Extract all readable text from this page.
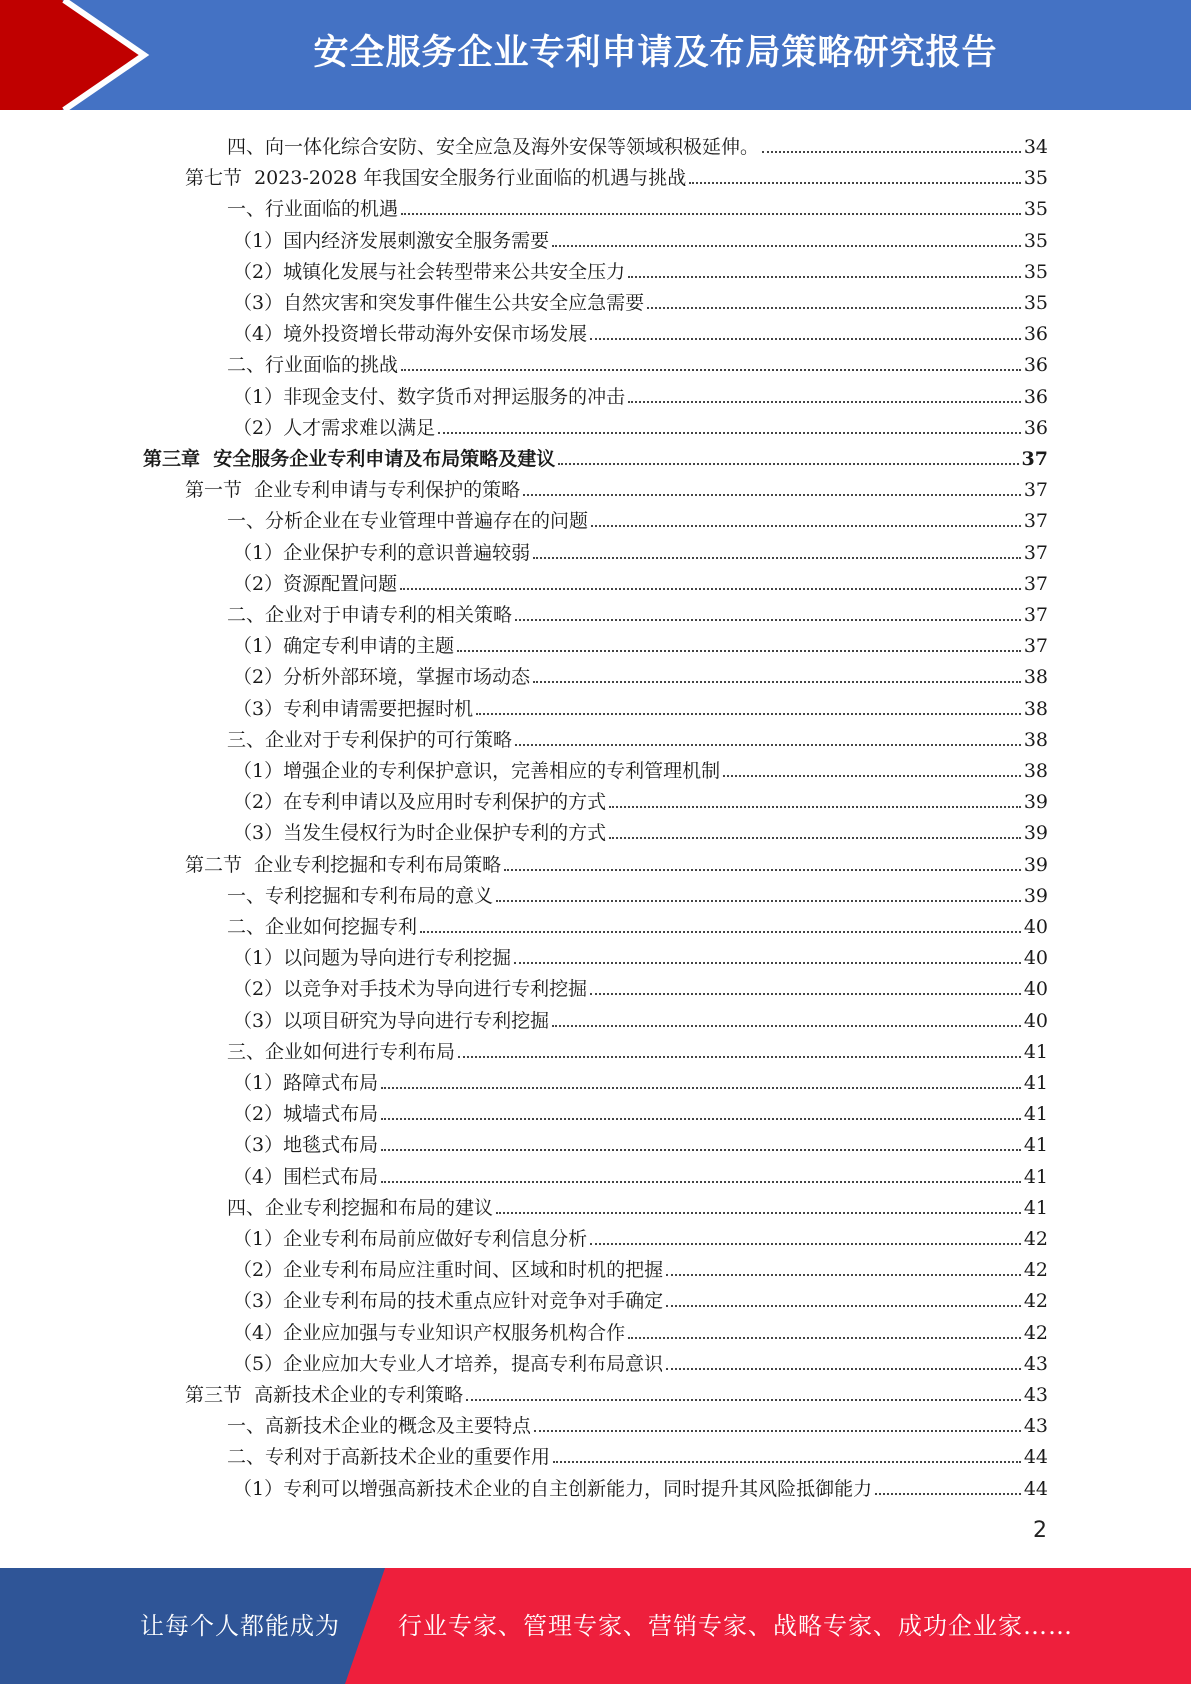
安全服务企业专利申请及布局策略研究报告
四、向一体化综合安防、安全应急及海外安保等领域积极延伸。	34
第七节  2023-2028 年我国安全服务行业面临的机遇与挑战	35
一、行业面临的机遇	35
（1）国内经济发展刺激安全服务需要	35
（2）城镇化发展与社会转型带来公共安全压力	35
（3）自然灾害和突发事件催生公共安全应急需要	35
（4）境外投资增长带动海外安保市场发展	36
二、行业面临的挑战	36
（1）非现金支付、数字货币对押运服务的冲击	36
（2）人才需求难以满足	36
第三章  安全服务企业专利申请及布局策略及建议	37
第一节  企业专利申请与专利保护的策略	37
一、分析企业在专业管理中普遍存在的问题	37
（1）企业保护专利的意识普遍较弱	37
（2）资源配置问题	37
二、企业对于申请专利的相关策略	37
（1）确定专利申请的主题	37
（2）分析外部环境，掌握市场动态	38
（3）专利申请需要把握时机	38
三、企业对于专利保护的可行策略	38
（1）增强企业的专利保护意识，完善相应的专利管理机制	38
（2）在专利申请以及应用时专利保护的方式	39
（3）当发生侵权行为时企业保护专利的方式	39
第二节  企业专利挖掘和专利布局策略	39
一、专利挖掘和专利布局的意义	39
二、企业如何挖掘专利	40
（1）以问题为导向进行专利挖掘	40
（2）以竞争对手技术为导向进行专利挖掘	40
（3）以项目研究为导向进行专利挖掘	40
三、企业如何进行专利布局	41
（1）路障式布局	41
（2）城墙式布局	41
（3）地毯式布局	41
（4）围栏式布局	41
四、企业专利挖掘和布局的建议	41
（1）企业专利布局前应做好专利信息分析	42
（2）企业专利布局应注重时间、区域和时机的把握	42
（3）企业专利布局的技术重点应针对竞争对手确定	42
（4）企业应加强与专业知识产权服务机构合作	42
（5）企业应加大专业人才培养，提高专利布局意识	43
第三节  高新技术企业的专利策略	43
一、高新技术企业的概念及主要特点	43
二、专利对于高新技术企业的重要作用	44
（1）专利可以增强高新技术企业的自主创新能力，同时提升其风险抵御能力	44
2
让每个人都能成为 行业专家、管理专家、营销专家、战略专家、成功企业家……
